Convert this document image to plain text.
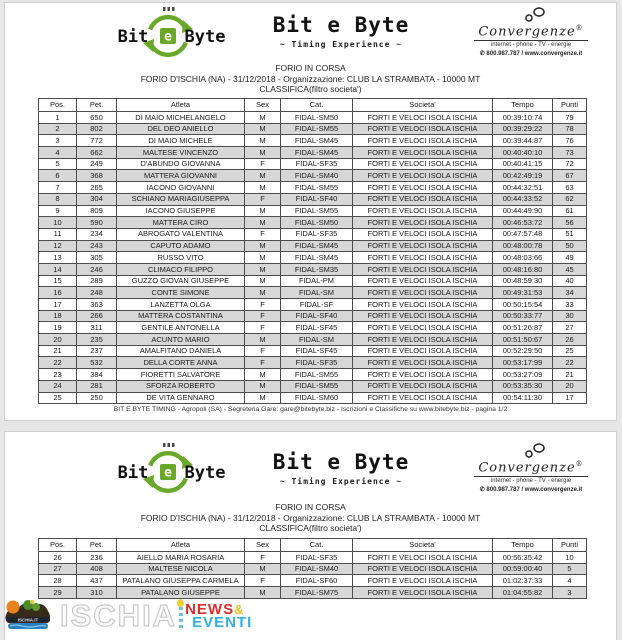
Bit e Byte	Bit e Byte
~ Timing Experience ~
Convergenze®
internet - phone - TV - energie
✆ 800.987.787 / www.convergenze.it
FORIO IN CORSA
FORIO D'ISCHIA (NA) - 31/12/2018 - Organizzazione: CLUB LA STRAMBATA - 10000 MT
CLASSIFICA(filtro societa')
Pos.	Pet.	Atleta	Sex	Cat.	Societa'	Tempo	Punti
1	650	DI MAIO MICHELANGELO	M	FIDAL-SM50	FORTI E VELOCI ISOLA ISCHIA	00:39:10:74	79
2	802	DEL DEO ANIELLO	M	FIDAL-SM55	FORTI E VELOCI ISOLA ISCHIA	00:39:29:22	78
3	772	DI MAIO MICHELE	M	FIDAL-SM45	FORTI E VELOCI ISOLA ISCHIA	00:39:44:87	76
4	662	MALTESE VINCENZO	M	FIDAL-SM45	FORTI E VELOCI ISOLA ISCHIA	00:40:40:10	73
5	249	D'ABUNDO GIOVANNA	F	FIDAL-SF35	FORTI E VELOCI ISOLA ISCHIA	00:40:41:15	72
6	368	MATTERA GIOVANNI	M	FIDAL-SM40	FORTI E VELOCI ISOLA ISCHIA	00:42:49:19	67
7	265	IACONO GIOVANNI	M	FIDAL-SM55	FORTI E VELOCI ISOLA ISCHIA	00:44:32:51	63
8	304	SCHIANO MARIAGIUSEPPA	F	FIDAL-SF40	FORTI E VELOCI ISOLA ISCHIA	00:44:33:52	62
9	809	IACONO GIUSEPPE	M	FIDAL-SM55	FORTI E VELOCI ISOLA ISCHIA	00:44:49:90	61
10	590	MATTERA CIRO	M	FIDAL-SM50	FORTI E VELOCI ISOLA ISCHIA	00:46:53:72	56
11	234	ABROGATO VALENTINA	F	FIDAL-SF35	FORTI E VELOCI ISOLA ISCHIA	00:47:57:48	51
12	243	CAPUTO ADAMO	M	FIDAL-SM45	FORTI E VELOCI ISOLA ISCHIA	00:48:00:78	50
13	305	RUSSO VITO	M	FIDAL-SM45	FORTI E VELOCI ISOLA ISCHIA	00:48:03:66	49
14	246	CLIMACO FILIPPO	M	FIDAL-SM35	FORTI E VELOCI ISOLA ISCHIA	00:48:16:80	45
15	289	GUZZO GIOVAN GIUSEPPE	M	FIDAL-PM	FORTI E VELOCI ISOLA ISCHIA	00:48:59:30	40
16	248	CONTE SIMONE	M	FIDAL-SM	FORTI E VELOCI ISOLA ISCHIA	00:49:31:53	34
17	363	LANZETTA OLGA	F	FIDAL-SF	FORTI E VELOCI ISOLA ISCHIA	00:50:15:54	33
18	266	MATTERA COSTANTINA	F	FIDAL-SF40	FORTI E VELOCI ISOLA ISCHIA	00:50:33:77	30
19	311	GENTILE ANTONELLA	F	FIDAL-SF45	FORTI E VELOCI ISOLA ISCHIA	00:51:26:87	27
20	235	ACUNTO MARIO	M	FIDAL-SM	FORTI E VELOCI ISOLA ISCHIA	00:51:50:67	26
21	237	AMALFITANO DANIELA	F	FIDAL-SF45	FORTI E VELOCI ISOLA ISCHIA	00:52:29:50	25
22	532	DELLA CORTE ANNA	F	FIDAL-SF35	FORTI E VELOCI ISOLA ISCHIA	00:53:17:99	22
23	384	FIORETTI SALVATORE	M	FIDAL-SM55	FORTI E VELOCI ISOLA ISCHIA	00:53:27:09	21
24	281	SFORZA ROBERTO	M	FIDAL-SM55	FORTI E VELOCI ISOLA ISCHIA	00:53:35:30	20
25	250	DE VITA GENNARO	M	FIDAL-SM60	FORTI E VELOCI ISOLA ISCHIA	00:54:11:30	17
BIT E BYTE TIMING - Agropoli (SA) - Segreteria Gare: gare@bitebyte.biz - Iscrizioni e Classifiche su www.bitebyte.biz - pagina 1/2
Bit e Byte	Bit e Byte
~ Timing Experience ~
Convergenze®
internet - phone - TV - energie
✆ 800.987.787 / www.convergenze.it
FORIO IN CORSA
FORIO D'ISCHIA (NA) - 31/12/2018 - Organizzazione: CLUB LA STRAMBATA - 10000 MT
CLASSIFICA(filtro societa')
Pos.	Pet.	Atleta	Sex	Cat.	Societa'	Tempo	Punti
26	236	AIELLO MARIA ROSARIA	F	FIDAL-SF35	FORTI E VELOCI ISOLA ISCHIA	00:56:35:42	10
27	408	MALTESE NICOLA	M	FIDAL-SM40	FORTI E VELOCI ISOLA ISCHIA	00:59:00:40	5
28	437	PATALANO GIUSEPPA CARMELA	F	FIDAL-SF60	FORTI E VELOCI ISOLA ISCHIA	01:02:37:33	4
29	310	PATALANO GIUSEPPE	M	FIDAL-SM75	FORTI E VELOCI ISOLA ISCHIA	01:04:55:82	3
ISCHIA.IT ISCHIA NEWS&
EVENTI
